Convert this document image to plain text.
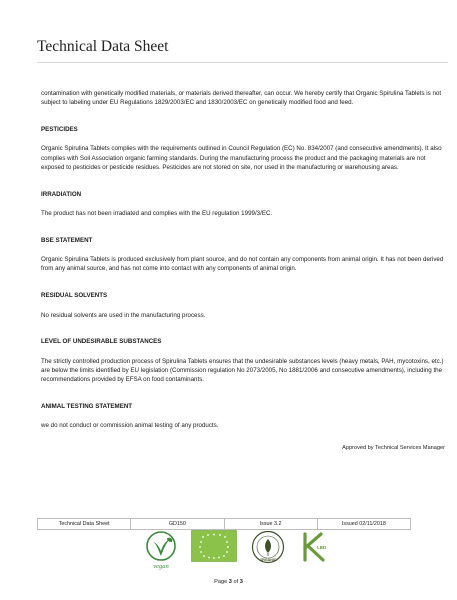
Technical Data Sheet

contamination with genetically modified materials, or materials derived thereafter, can occur. We hereby certify that Organic Spirulina Tablets is not subject to labeling under EU Regulations 1829/2003/EC and 1830/2003/EC on genetically modified food and feed.

PESTICIDES

Organic Spirulina Tablets complies with the requirements outlined in Council Regulation (EC) No. 834/2007 (and consecutive amendments). It also complies with Soil Association organic farming standards. During the manufacturing process the product and the packaging materials are not exposed to pesticides or pesticide residues. Pesticides are not stored on site, nor used in the manufacturing or warehousing areas.

IRRADIATION

The product has not been irradiated and complies with the EU regulation 1999/3/EC.

BSE STATEMENT

Organic Spirulina Tablets is produced exclusively from plant source, and do not contain any components from animal origin. It has not been derived from any animal source, and has not come into contact with any components of animal origin.

RESIDUAL SOLVENTS

No residual solvents are used in the manufacturing process.

LEVEL OF UNDESIRABLE SUBSTANCES

The strictly controlled production process of Spirulina Tablets ensures that the undesirable substances levels (heavy metals, PAH, mycotoxins, etc.) are below the limits identified by EU legislation (Commission regulation No 2073/2005, No 1881/2006 and consecutive amendments), including the recommendations provided by EFSA on food contaminants.

ANIMAL TESTING STATEMENT

we do not conduct or commission animal testing of any products.

Approved by Technical Services Manager
Technical Data Sheet	GD150	Issue 3.2	Issued 02/11/2018
vegan
ORGANIC
LBD
Page 3 of 3
